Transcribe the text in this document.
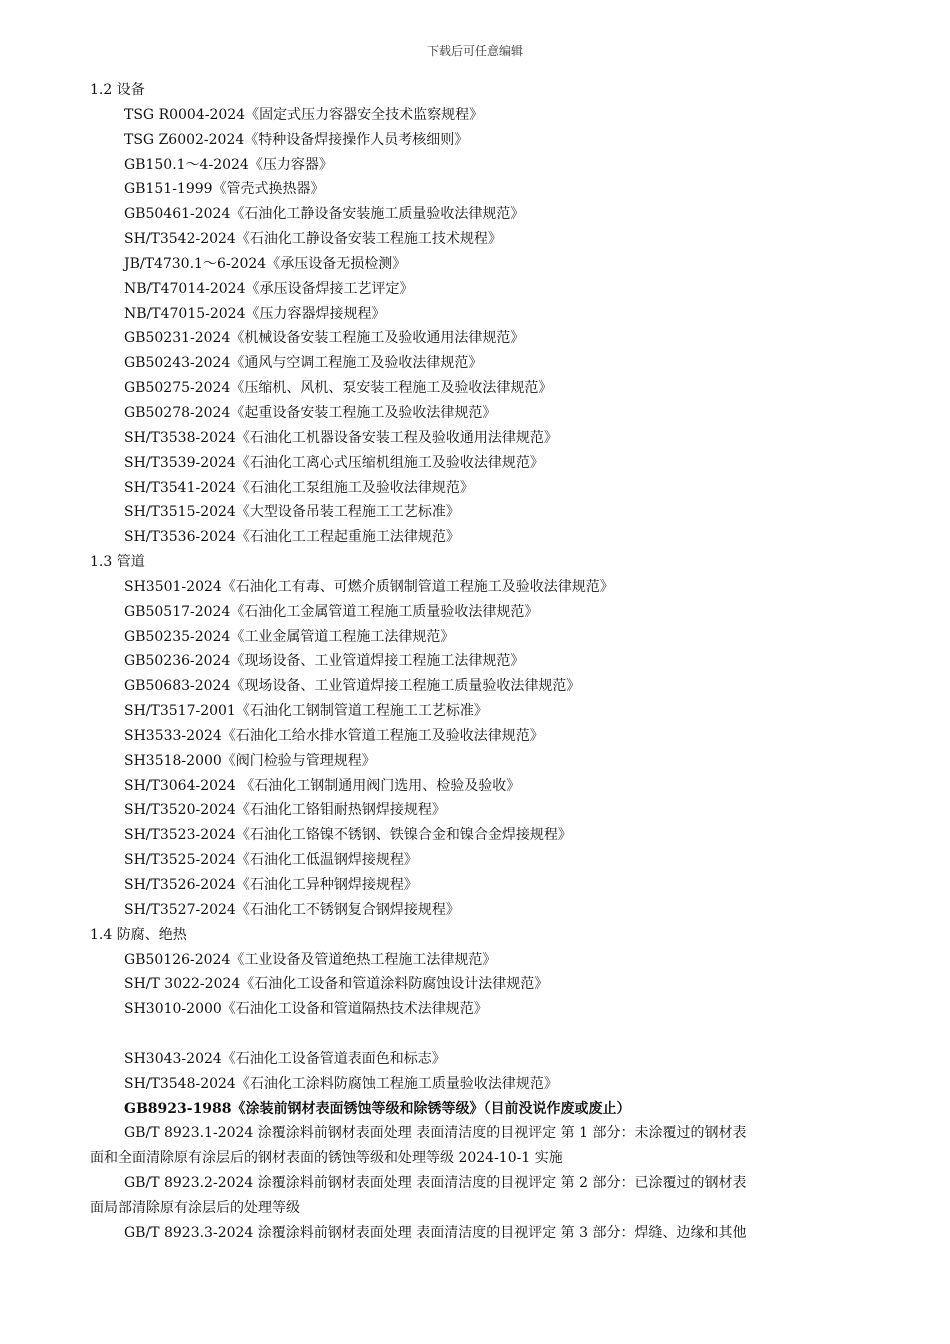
下载后可任意编辑
1.2 设备
TSG R0004-2024《固定式压力容器安全技术监察规程》
TSG Z6002-2024《特种设备焊接操作人员考核细则》
GB150.1～4-2024《压力容器》
GB151-1999《管壳式换热器》
GB50461-2024《石油化工静设备安装施工质量验收法律规范》
SH/T3542-2024《石油化工静设备安装工程施工技术规程》
JB/T4730.1～6-2024《承压设备无损检测》
NB/T47014-2024《承压设备焊接工艺评定》
NB/T47015-2024《压力容器焊接规程》
GB50231-2024《机械设备安装工程施工及验收通用法律规范》
GB50243-2024《通风与空调工程施工及验收法律规范》
GB50275-2024《压缩机、风机、泵安装工程施工及验收法律规范》
GB50278-2024《起重设备安装工程施工及验收法律规范》
SH/T3538-2024《石油化工机器设备安装工程及验收通用法律规范》
SH/T3539-2024《石油化工离心式压缩机组施工及验收法律规范》
SH/T3541-2024《石油化工泵组施工及验收法律规范》
SH/T3515-2024《大型设备吊装工程施工工艺标准》
SH/T3536-2024《石油化工工程起重施工法律规范》
1.3 管道
SH3501-2024《石油化工有毒、可燃介质钢制管道工程施工及验收法律规范》
GB50517-2024《石油化工金属管道工程施工质量验收法律规范》
GB50235-2024《工业金属管道工程施工法律规范》
GB50236-2024《现场设备、工业管道焊接工程施工法律规范》
GB50683-2024《现场设备、工业管道焊接工程施工质量验收法律规范》
SH/T3517-2001《石油化工钢制管道工程施工工艺标准》
SH3533-2024《石油化工给水排水管道工程施工及验收法律规范》
SH3518-2000《阀门检验与管理规程》
SH/T3064-2024 《石油化工钢制通用阀门选用、检验及验收》
SH/T3520-2024《石油化工铬钼耐热钢焊接规程》
SH/T3523-2024《石油化工铬镍不锈钢、铁镍合金和镍合金焊接规程》
SH/T3525-2024《石油化工低温钢焊接规程》
SH/T3526-2024《石油化工异种钢焊接规程》
SH/T3527-2024《石油化工不锈钢复合钢焊接规程》
1.4 防腐、绝热
GB50126-2024《工业设备及管道绝热工程施工法律规范》
SH/T 3022-2024《石油化工设备和管道涂料防腐蚀设计法律规范》
SH3010-2000《石油化工设备和管道隔热技术法律规范》
SH3043-2024《石油化工设备管道表面色和标志》
SH/T3548-2024《石油化工涂料防腐蚀工程施工质量验收法律规范》
GB8923-1988《涂装前钢材表面锈蚀等级和除锈等级》（目前没说作废或废止）
GB/T 8923.1-2024 涂覆涂料前钢材表面处理 表面清洁度的目视评定 第 1 部分：未涂覆过的钢材表
面和全面清除原有涂层后的钢材表面的锈蚀等级和处理等级 2024-10-1 实施
GB/T 8923.2-2024 涂覆涂料前钢材表面处理 表面清洁度的目视评定 第 2 部分：已涂覆过的钢材表
面局部清除原有涂层后的处理等级
GB/T 8923.3-2024 涂覆涂料前钢材表面处理 表面清洁度的目视评定 第 3 部分：焊缝、边缘和其他
